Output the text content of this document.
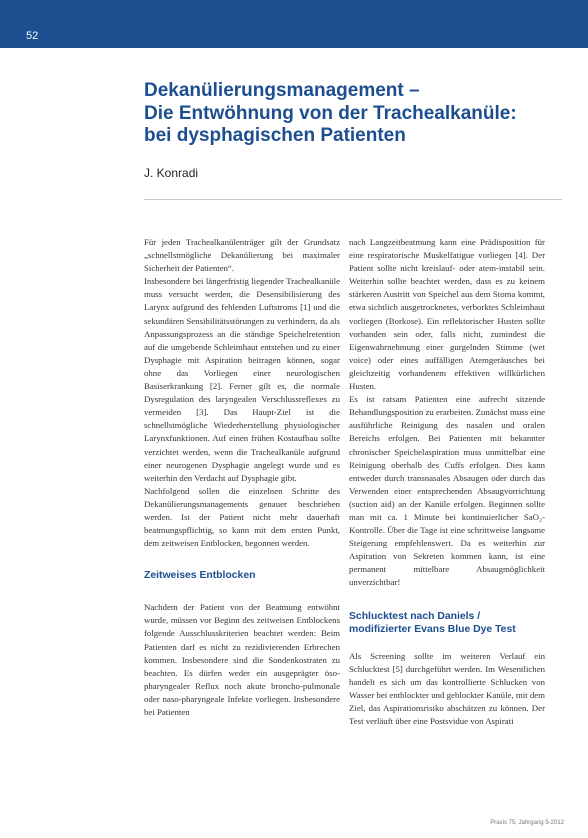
52
Dekanülierungsmanagement –
Die Entwöhnung von der Trachealkanüle:
bei dysphagischen Patienten
J. Konradi

Für jeden Trachealkanülenträger gilt der Grundsatz „schnellstmögliche Dekanülierung bei maximaler Sicherheit der Patienten“.

Insbesondere bei längerfristig liegender Trachealkanüle muss versucht werden, die Desensibilisierung des Larynx aufgrund des fehlenden Luftstroms [1] und die sekundären Sensibilitätsstörungen zu verhindern, da als Anpassungsprozess an die ständige Speichelretention auf die umgebende Schleimhaut entstehen und zu einer Dysphagie mit Aspiration beitragen können, sogar ohne das Vorliegen einer neurologischen Basiserkrankung [2]. Ferner gilt es, die normale Dysregulation des laryngealen Verschlussreflexes zu vermeiden [3]. Das Haupt-Ziel ist die schnellstmögliche Wiederherstellung physiologischer Larynxfunktionen. Auf einen frühen Kostaufbau sollte verzichtet werden, wenn die Trachealkanüle aufgrund einer neurogenen Dysphagie angelegt wurde und es weiterhin den Verdacht auf Dysphagie gibt.

Nachfolgend sollen die einzelnen Schritte des Dekanülierungsmanagements genauer beschrieben werden. Ist der Patient nicht mehr dauerhaft beatmungspflichtig, so kann mit dem ersten Punkt, dem zeitweisen Entblocken, begonnen werden.

Zeitweises Entblocken

Nachdem der Patient von der Beatmung entwöhnt wurde, müssen vor Beginn des zeitweisen Entblockens folgende Ausschlusskriterien beachtet werden: Beim Patienten darf es nicht zu rezidivierenden Erbrechen kommen. Insbesondere sind die Sondenkostraten zu beachten. Es dürfen weder ein ausgeprägter öso-pharyngealer Reflux noch akute broncho-pulmonale oder naso-pharyngeale Infekte vorliegen. Insbesondere bei Patienten

nach Langzeitbeatmung kann eine Prädisposition für eine respiratorische Muskelfatigue vorliegen [4]. Der Patient sollte nicht kreislauf- oder atem-instabil sein. Weiterhin sollte beachtet werden, dass es zu keinem stärkeren Austritt von Speichel aus dem Stoma kommt, etwa sichtlich ausgetrocknetes, verborktes Schleimhaut vorliegen (Borkose). Ein reflektorischer Husten sollte vorhanden sein oder, falls nicht, zumindest die Eigenwahrnehmung einer gurgelnden Stimme (wet voice) oder eines auffälligen Atemgeräusches bei gleichzeitig vorhandenem effektiven willkürlichen Husten.

Es ist ratsam Patienten eine aufrecht sitzende Behandlungsposition zu erarbeiten. Zunächst muss eine ausführliche Reinigung des nasalen und oralen Bereichs erfolgen. Bei Patienten mit bekannter chronischer Speichelaspiration muss unmittelbar eine Reinigung oberhalb des Cuffs erfolgen. Dies kann entweder durch transnasales Absaugen oder durch das Verwenden einer entsprechenden Absaugvorrichtung (suction aid) an der Kanüle erfolgen. Beginnen sollte man mit ca. 1 Minute bei kontinuierlicher SaO₂-Kontrolle. Über die Tage ist eine schrittweise langsame Steigerung empfehlenswert. Da es weiterhin zur Aspiration von Sekreten kommen kann, ist eine permanent mittelbare Absaugmöglichkeit unverzichtbar!

Schlucktest nach Daniels /
modifizierter Evans Blue Dye Test

Als Screening sollte im weiteren Verlauf ein Schlucktest [5] durchgeführt werden. Im Wesentlichen handelt es sich um das kontrollierte Schlucken von Wasser bei entblockter und geblockter Kanüle, mit dem Ziel, das Aspirationsrisiko abschätzen zu können. Der Test verläuft über eine Postsvidue von Aspirati

Praxis 75, Jahrgang 5-2012
